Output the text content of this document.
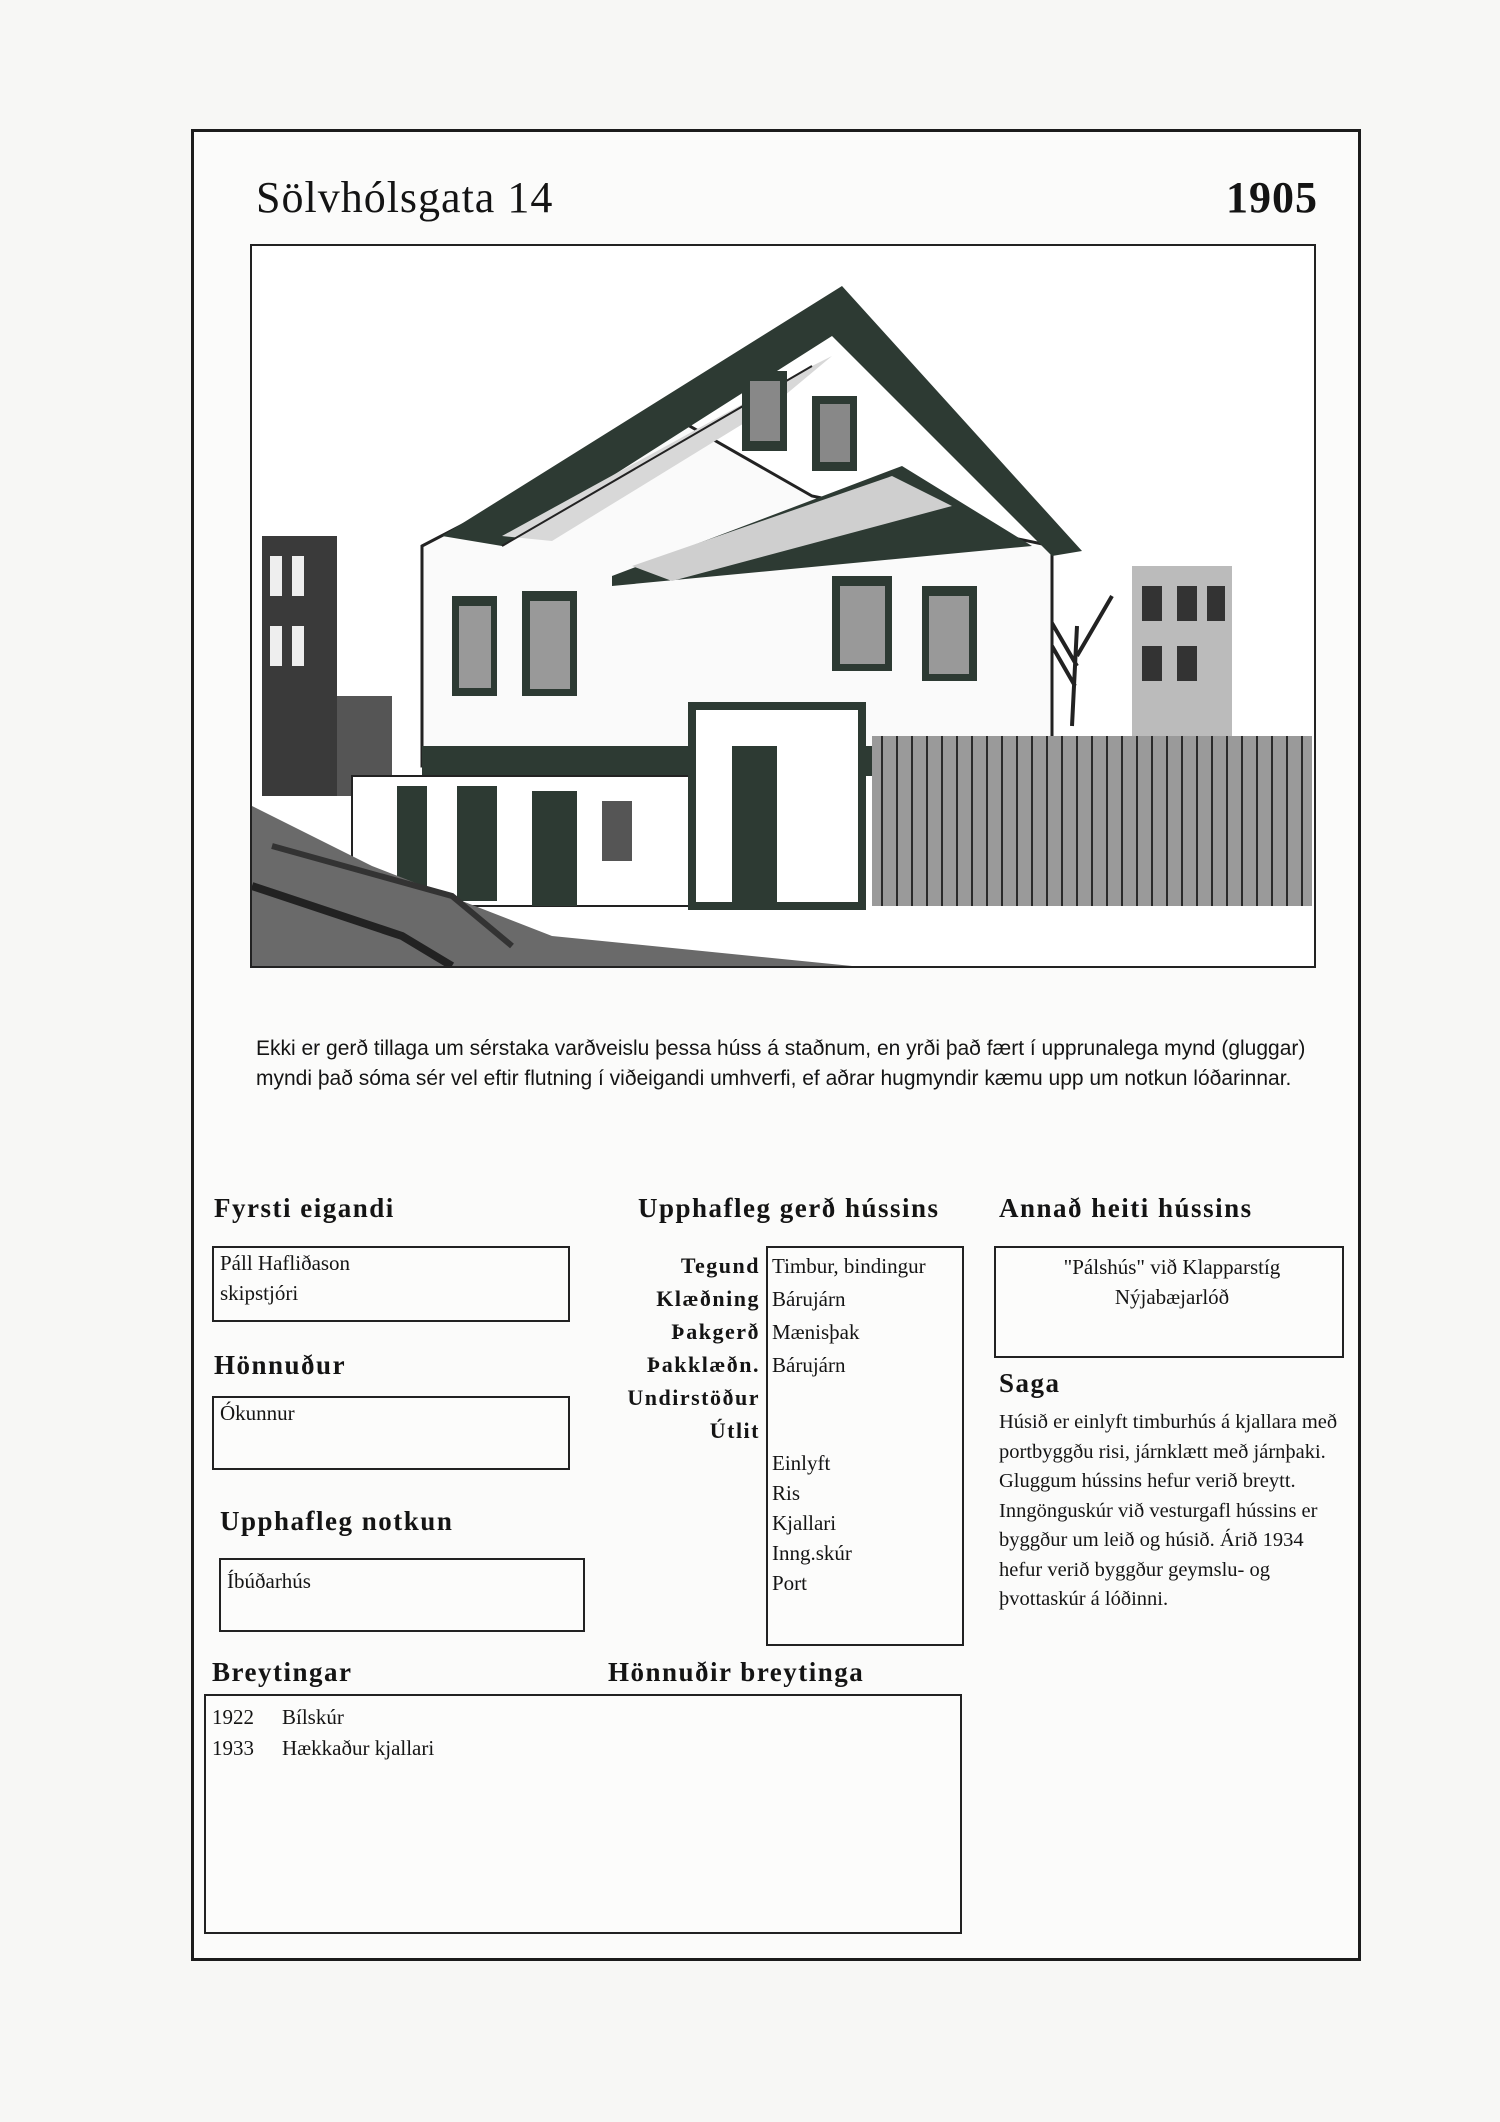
Sölvhólsgata 14	1905
Ekki er gerð tillaga um sérstaka varðveislu þessa húss á staðnum, en yrði það fært í upprunalega mynd (gluggar) myndi það sóma sér vel eftir flutning í viðeigandi umhverfi, ef aðrar hugmyndir kæmu upp um notkun lóðarinnar.
Fyrsti eigandi
Páll Hafliðason
skipstjóri
Hönnuður
Ókunnur
Upphafleg notkun
Íbúðarhús
Upphafleg gerð hússins
Tegund
Klæðning
Þakgerð
Þakklæðn.
Undirstöður
Útlit
Timbur, bindingur
Bárujárn
Mænisþak
Bárujárn
Einlyft
Ris
Kjallari
Inng.skúr
Port
Annað heiti hússins
"Pálshús" við Klapparstíg
Nýjabæjarlóð
Saga
Húsið er einlyft timburhús á kjallara með portbyggðu risi, járnklætt með járnþaki. Gluggum hússins hefur verið breytt. Inngönguskúr við vesturgafl hússins er byggður um leið og húsið. Árið 1934 hefur verið byggður geymslu- og þvottaskúr á lóðinni.
Breytingar	Hönnuðir breytinga
1922 Bílskúr
1933 Hækkaður kjallari
